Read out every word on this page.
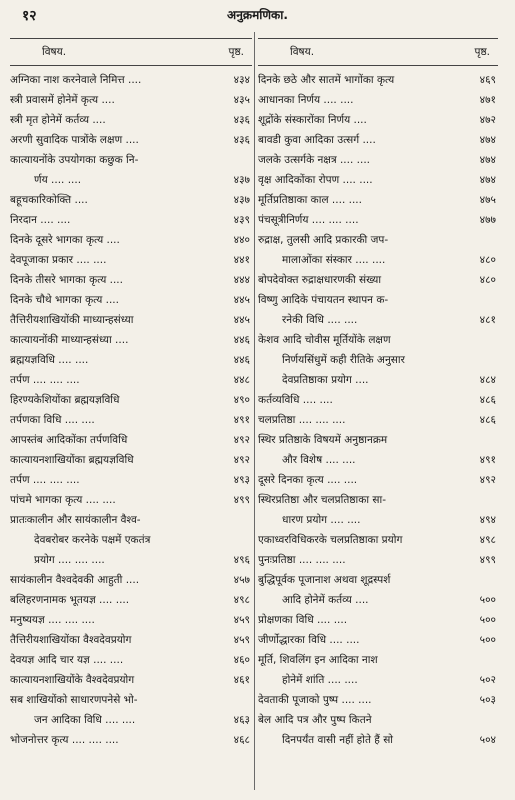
१२	अनुक्रमणिका.
विषय.	पृष्ठ.
अग्निका नाश करनेवाले निमित्त ....	४३४
स्त्री प्रवासमें होनेमें कृत्य ....	४३५
स्त्री मृत होनेमें कर्तव्य ....	४३६
अरणी सुवादिक पात्रोंके लक्षण ....	४३६
कात्यायनोंके उपयोगका कछुक नि-
र्णय .... ....	४३७
बहूचकारिकोक्ति ....	४३७
निरदान .... ....	४३९
दिनके दूसरे भागका कृत्य ....	४४०
देवपूजाका प्रकार .... ....	४४१
दिनके तीसरे भागका कृत्य ....	४४४
दिनके चौथे भागका कृत्य ....	४४५
तैत्तिरीयशाखियोंकी माध्यान्हसंध्या	४४५
कात्यायनोंकी माध्यान्हसंध्या ....	४४६
ब्रह्मयज्ञविधि .... ....	४४६
तर्पण .... .... ....	४४८
हिरण्यकेशियोंका ब्रह्मयज्ञविधि	४९०
तर्पणका विधि .... ....	४९१
आपस्तंब आदिकोंका तर्पणविधि	४९२
कात्यायनशाखियोंका ब्रह्मयज्ञविधि	४९२
तर्पण .... .... ....	४९३
पांचमे भागका कृत्य .... ....	४९९
प्रातःकालीन और सायंकालीन वैश्व-
देवबरोबर करनेके पक्षमें एकतंत्र
प्रयोग .... .... ....	४९६
सायंकालीन वैश्वदेवकी आहुती ....	४५७
बलिहरणनामक भूतयज्ञ .... ....	४९८
मनुष्ययज्ञ .... .... ....	४५९
तैत्तिरीयशाखियोंका वैश्वदेवप्रयोग	४५९
देवयज्ञ आदि चार यज्ञ .... ....	४६०
कात्यायनशाखियोंके वैश्वदेवप्रयोग	४६१
सब शाखियोंको साधारणपनेसे भो-
जन आदिका विधि .... ....	४६३
भोजनोत्तर कृत्य .... .... ....	४६८
विषय.	पृष्ठ.
दिनके छठे और सातमें भागोंका कृत्य	४६९
आधानका निर्णय .... ....	४७१
शूद्रोंके संस्कारोंका निर्णय ....	४७२
बावडी कुवा आदिका उत्सर्ग ....	४७४
जलके उत्सर्गके नक्षत्र .... ....	४७४
वृक्ष आदिकोंका रोपण .... ....	४७४
मूर्तिप्रतिष्ठाका काल .... ....	४७५
पंचसूत्रीनिर्णय .... .... ....	४७७
रुद्राक्ष, तुलसी आदि प्रकारकी जप-
मालाओंका संस्कार .... ....	४८०
बोपदेवोक्त रुद्राक्षधारणकी संख्या	४८०
विष्णु आदिके पंचायतन स्थापन क-
रनेकी विधि .... ....	४८१
केशव आदि चोवीस मूर्तियोंके लक्षण
निर्णयसिंधुमें कही रीतिके अनुसार
देवप्रतिष्ठाका प्रयोग ....	४८४
कर्तव्यविधि .... ....	४८६
चलप्रतिष्ठा .... .... ....	४८६
स्थिर प्रतिष्ठाके विषयमें अनुष्ठानक्रम
और विशेष .... ....	४९१
दूसरे दिनका कृत्य .... ....	४९२
स्थिरप्रतिष्ठा और चलप्रतिष्ठाका सा-
धारण प्रयोग .... ....	४९४
एकाध्वरविधिकरके चलप्रतिष्ठाका प्रयोग	४९८
पुनःप्रतिष्ठा .... .... ....	४९९
बुद्धिपूर्वक पूजानाश अथवा शूद्रस्पर्श
आदि होनेमें कर्तव्य ....	५००
प्रोक्षणका विधि .... ....	५००
जीर्णोद्धारका विधि .... ....	५००
मूर्ति, शिवलिंग इन आदिका नाश
होनेमें शांति .... ....	५०२
देवताकी पूजाको पुष्प .... ....	५०३
बेल आदि पत्र और पुष्प कितने
दिनपर्यंत वासी नहीं होते हैं सो	५०४
